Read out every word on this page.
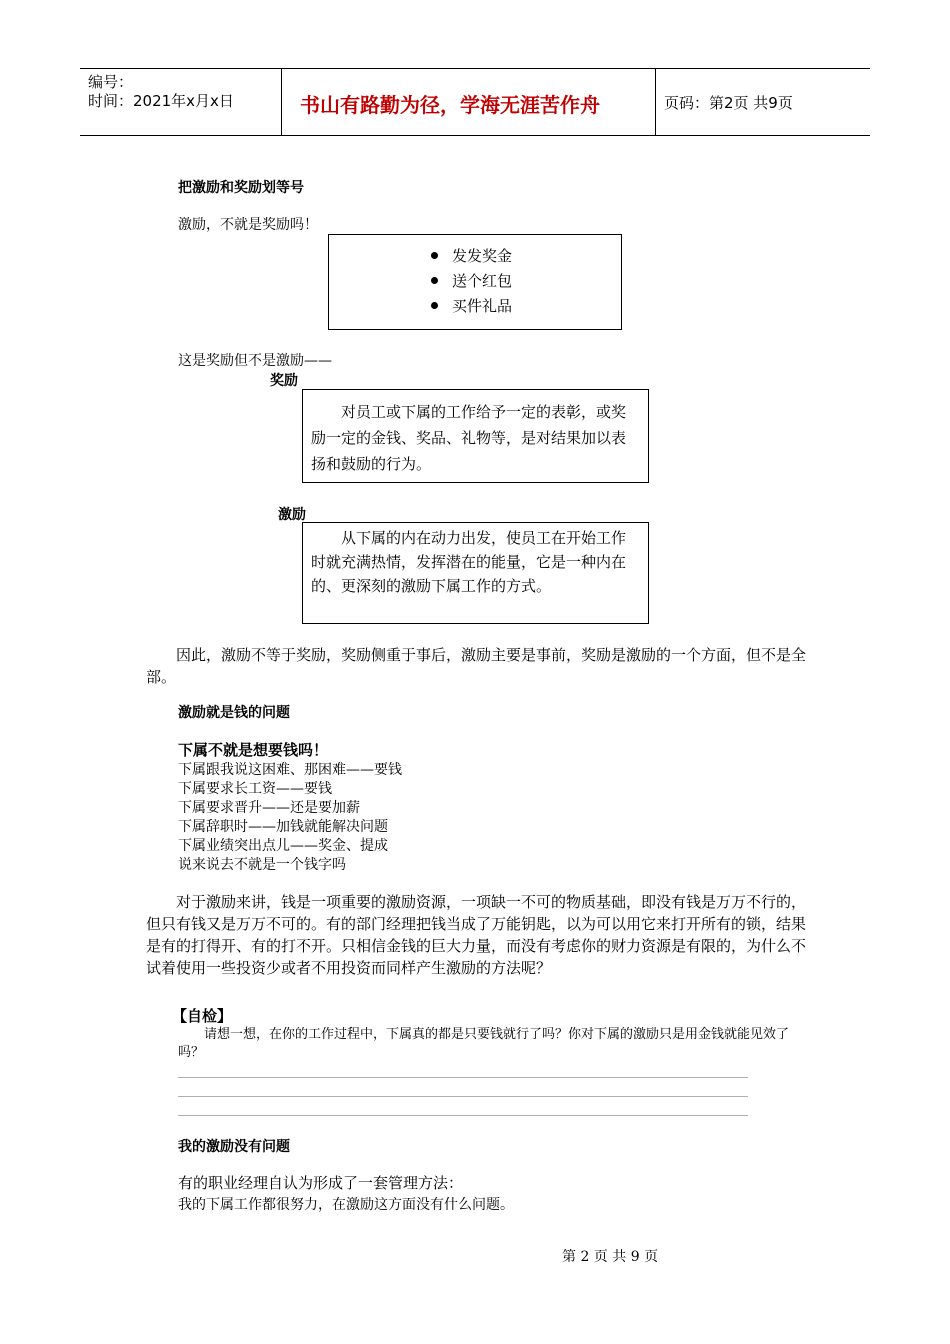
编号：
时间：2021年x月x日	书山有路勤为径，学海无涯苦作舟	页码：第2页 共9页
把激励和奖励划等号
激励，不就是奖励吗！
发发奖金
送个红包
买件礼品
这是奖励但不是激励——
奖励

对员工或下属的工作给予一定的表彰，或奖励一定的金钱、奖品、礼物等，是对结果加以表扬和鼓励的行为。

激励

从下属的内在动力出发，使员工在开始工作时就充满热情，发挥潜在的能量，它是一种内在的、更深刻的激励下属工作的方式。

因此，激励不等于奖励，奖励侧重于事后，激励主要是事前，奖励是激励的一个方面，但不是全部。
激励就是钱的问题
下属不就是想要钱吗！
下属跟我说这困难、那困难——要钱
下属要求长工资——要钱
下属要求晋升——还是要加薪
下属辞职时——加钱就能解决问题
下属业绩突出点儿——奖金、提成
说来说去不就是一个钱字吗
对于激励来讲，钱是一项重要的激励资源，一项缺一不可的物质基础，即没有钱是万万不行的，但只有钱又是万万不可的。有的部门经理把钱当成了万能钥匙，以为可以用它来打开所有的锁，结果是有的打得开、有的打不开。只相信金钱的巨大力量，而没有考虑你的财力资源是有限的，为什么不试着使用一些投资少或者不用投资而同样产生激励的方法呢？
【自检】
请想一想，在你的工作过程中，下属真的都是只要钱就行了吗？你对下属的激励只是用金钱就能见效了吗？
我的激励没有问题
有的职业经理自认为形成了一套管理方法：
我的下属工作都很努力，在激励这方面没有什么问题。
第 2 页 共 9 页
